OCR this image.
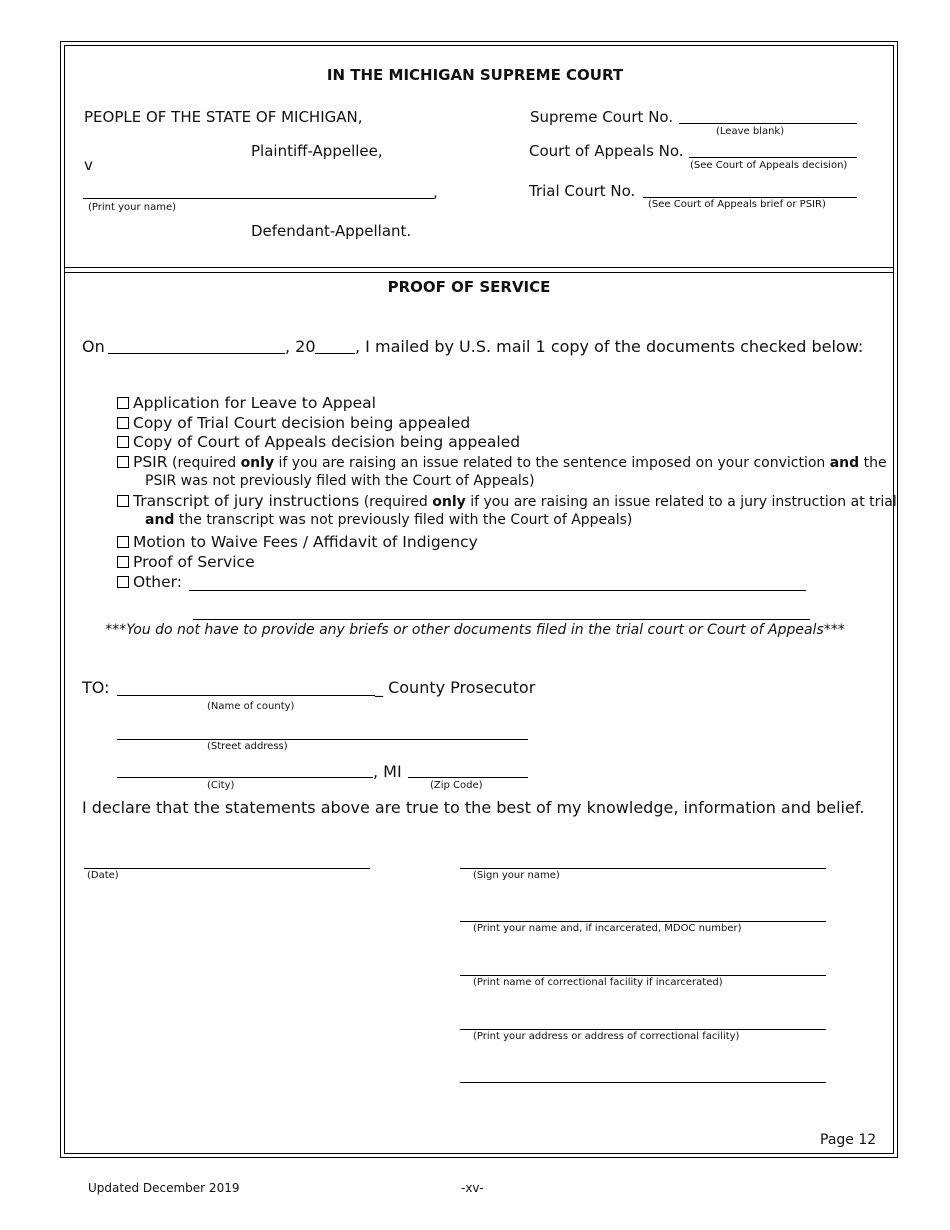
IN THE MICHIGAN SUPREME COURT
PEOPLE OF THE STATE OF MICHIGAN,
Plaintiff-Appellee,
v
,
(Print your name)
Defendant-Appellant.
Supreme Court No.
(Leave blank)
Court of Appeals No.
(See Court of Appeals decision)
Trial Court No.
(See Court of Appeals brief or PSIR)
PROOF OF SERVICE
On	, 20 , I mailed by U.S. mail 1 copy of the documents checked below:
Application for Leave to Appeal
Copy of Trial Court decision being appealed
Copy of Court of Appeals decision being appealed
PSIR (required only if you are raising an issue related to the sentence imposed on your conviction and the
PSIR was not previously filed with the Court of Appeals)
Transcript of jury instructions (required only if you are raising an issue related to a jury instruction at trial
and the transcript was not previously filed with the Court of Appeals)
Motion to Waive Fees / Affidavit of Indigency
Proof of Service
Other:
***You do not have to provide any briefs or other documents filed in the trial court or Court of Appeals***
TO:	_ County Prosecutor
(Name of county)
(Street address)
, MI
(City)	(Zip Code)
I declare that the statements above are true to the best of my knowledge, information and belief.
(Date)	(Sign your name)
(Print your name and, if incarcerated, MDOC number)
(Print name of correctional facility if incarcerated)
(Print your address or address of correctional facility)
Page 12
Updated December 2019	-xv-
